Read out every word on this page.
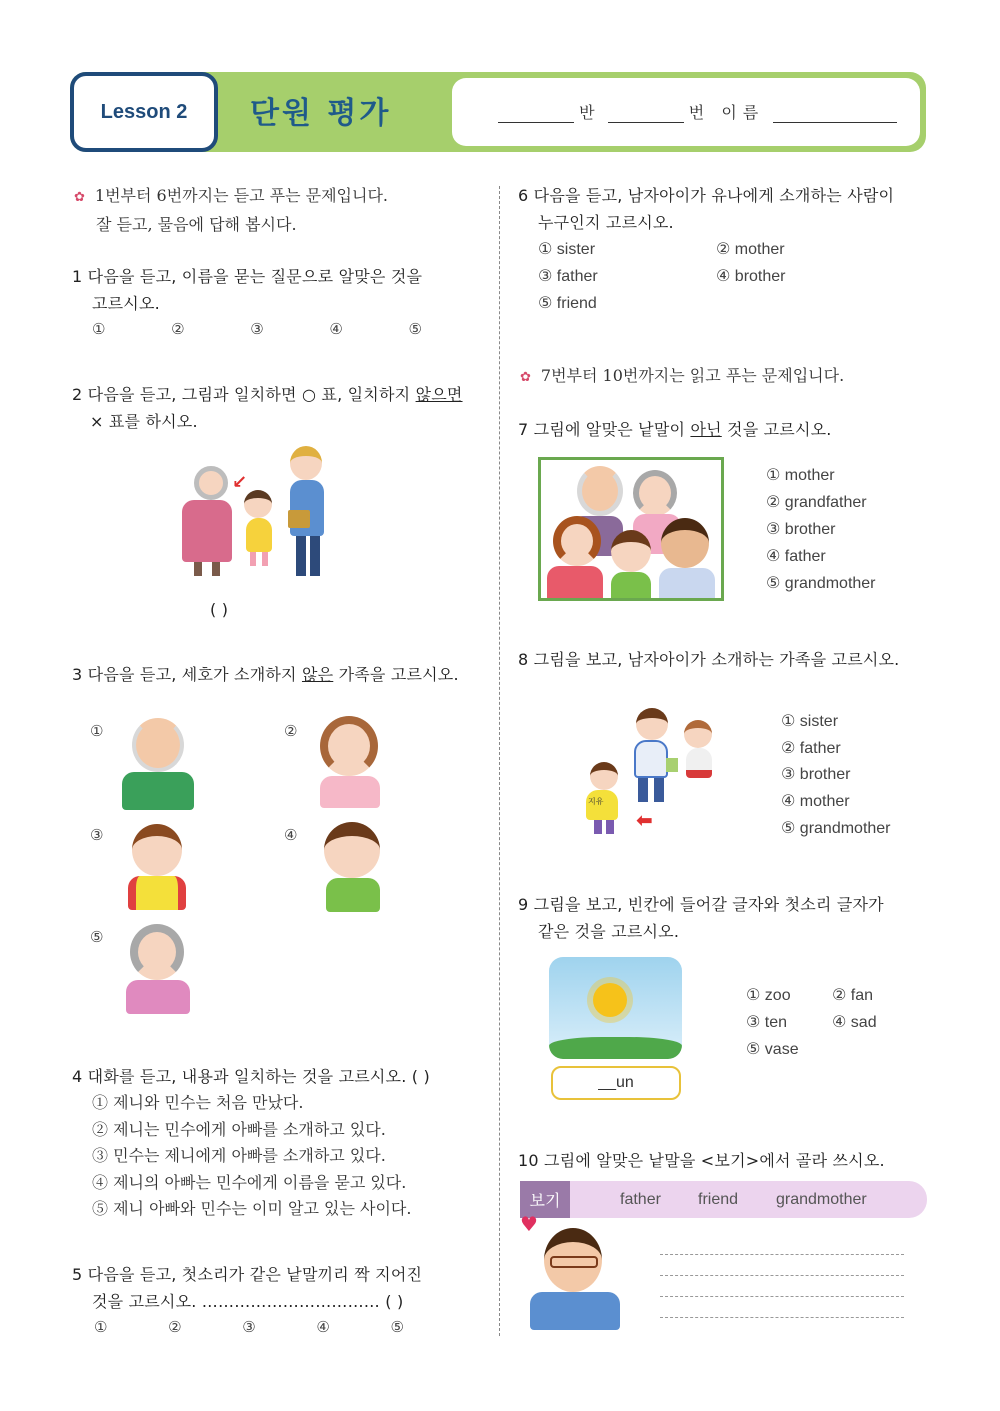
Lesson 2	단원 평가	반	번 이름
✿ 1번부터 6번까지는 듣고 푸는 문제입니다.
잘 듣고, 물음에 답해 봅시다.
1 다음을 듣고, 이름을 묻는 질문으로 알맞은 것을
고르시오.
①	②	③	④	⑤
2 다음을 듣고, 그림과 일치하면 ○ 표, 일치하지 않으면
× 표를 하시오.
↙
( )
3 다음을 듣고, 세호가 소개하지 않은 가족을 고르시오.
①	②
③	④
⑤
4 대화를 듣고, 내용과 일치하는 것을 고르시오. ( )
① 제니와 민수는 처음 만났다.
② 제니는 민수에게 아빠를 소개하고 있다.
③ 민수는 제니에게 아빠를 소개하고 있다.
④ 제니의 아빠는 민수에게 이름을 묻고 있다.
⑤ 제니 아빠와 민수는 이미 알고 있는 사이다.
5 다음을 듣고, 첫소리가 같은 낱말끼리 짝 지어진
것을 고르시오. …………………………… ( )
①	②	③	④	⑤
6 다음을 듣고, 남자아이가 유나에게 소개하는 사람이
누구인지 고르시오.
① sister	② mother
③ father	④ brother
⑤ friend
✿ 7번부터 10번까지는 읽고 푸는 문제입니다.
7 그림에 알맞은 낱말이 아닌 것을 고르시오.
① mother
② grandfather
③ brother
④ father
⑤ grandmother
8 그림을 보고, 남자아이가 소개하는 가족을 고르시오.
지유
⬅
① sister
② father
③ brother
④ mother
⑤ grandmother
9 그림을 보고, 빈칸에 들어갈 글자와 첫소리 글자가
같은 것을 고르시오.
__un
① zoo	② fan
③ ten	④ sad
⑤ vase
10 그림에 알맞은 낱말을 <보기>에서 골라 쓰시오.
보기	father friend grandmother
♥
